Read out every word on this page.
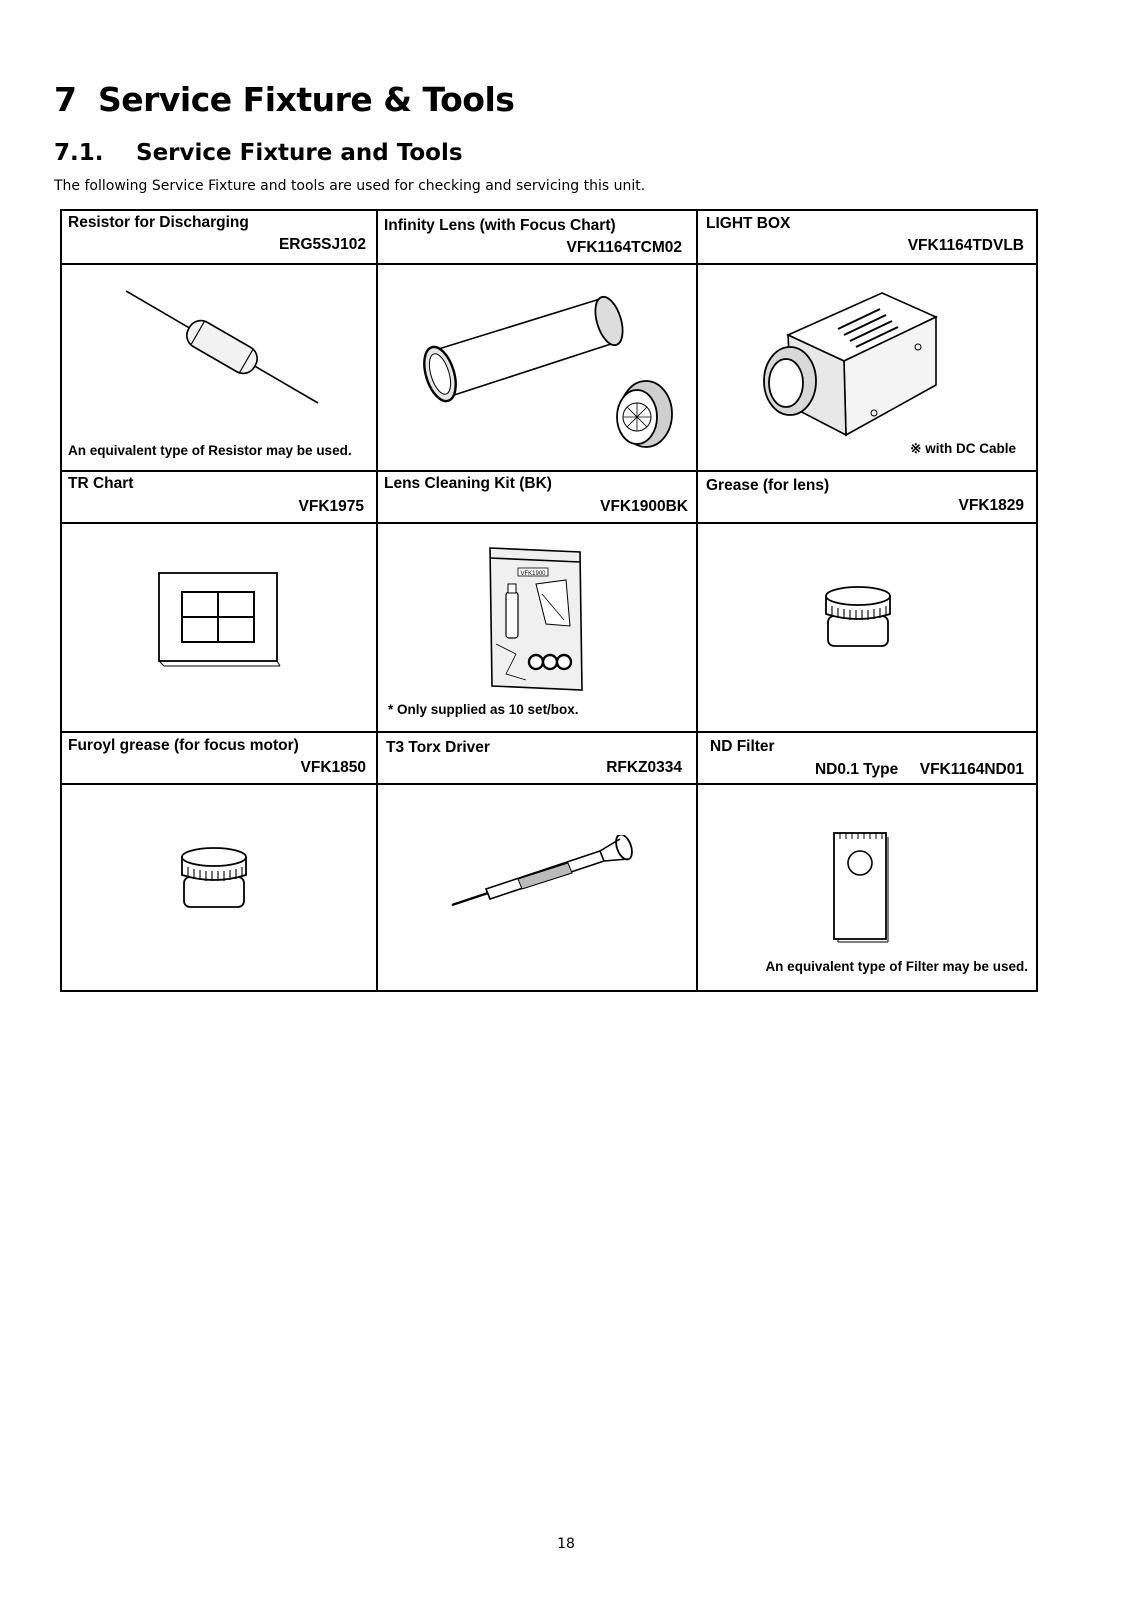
7 Service Fixture & Tools
7.1. Service Fixture and Tools

The following Service Fixture and tools are used for checking and servicing this unit.

Resistor for Discharging
ERG5SJ102
Infinity Lens (with Focus Chart)
VFK1164TCM02
LIGHT BOX
VFK1164TDVLB
An equivalent type of Resistor may be used.	※ with DC Cable
TR Chart
VFK1975
Lens Cleaning Kit (BK)
VFK1900BK
Grease (for lens)
VFK1829
VFK1900
* Only supplied as 10 set/box.
Furoyl grease (for focus motor)
VFK1850
T3 Torx Driver
RFKZ0334
ND Filter
ND0.1 Type     VFK1164ND01
An equivalent type of Filter may be used.
18
